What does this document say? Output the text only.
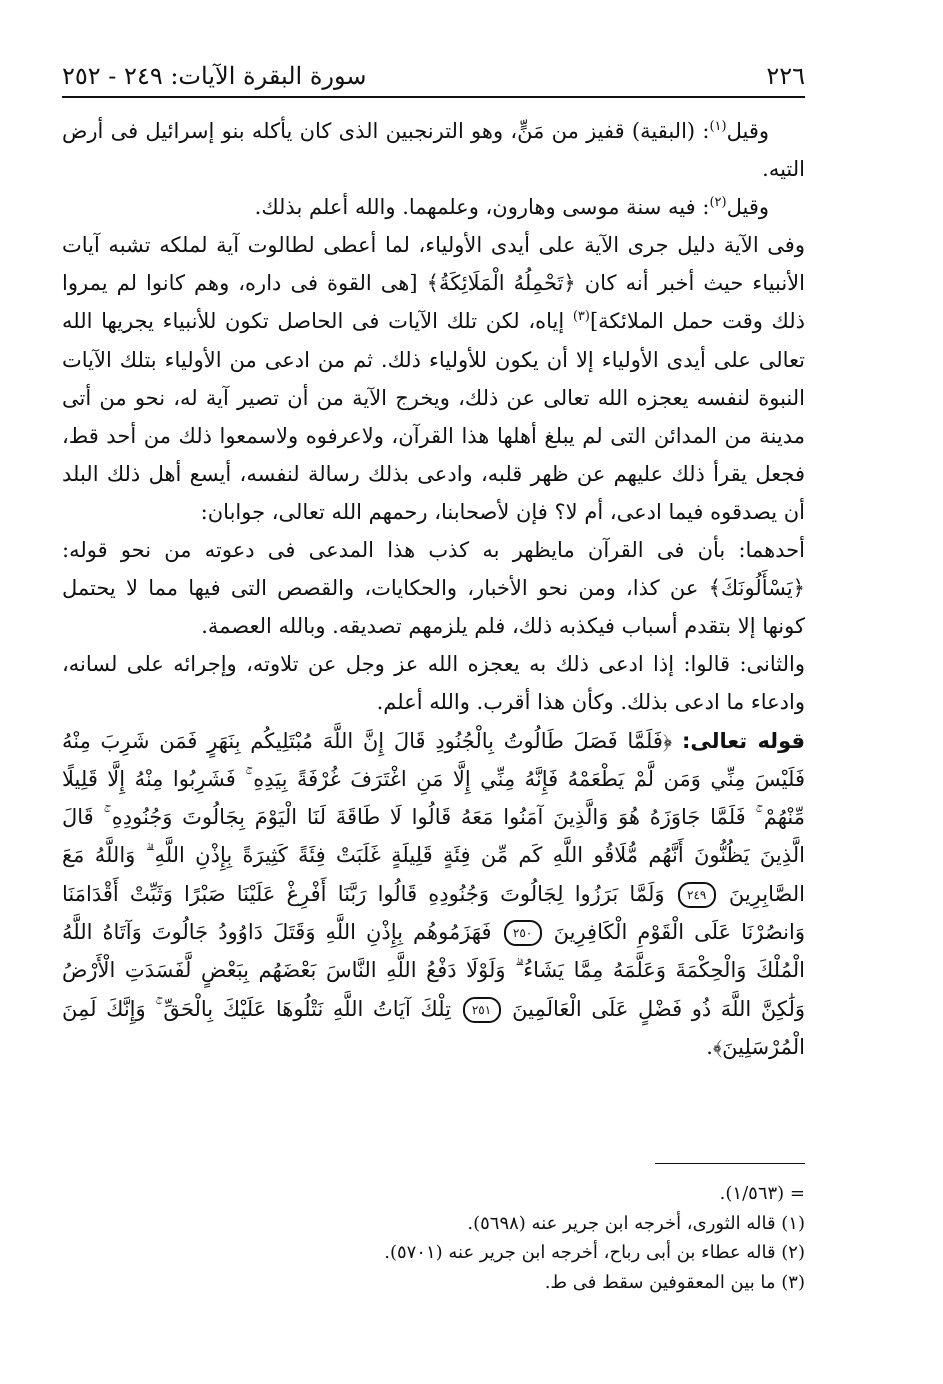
٢٢٦
سورة البقرة الآيات: ٢٤٩ - ٢٥٢

وقيل$^{(١)}$: (البقية) قفيز من مَنٍّ، وهو الترنجبين الذى كان يأكله بنو إسرائيل فى أرض التيه.

وقيل$^{(٢)}$: فيه سنة موسى وهارون، وعلمهما. والله أعلم بذلك.

وفى الآية دليل جرى الآية على أيدى الأولياء، لما أعطى لطالوت آية لملكه تشبه آيات الأنبياء حيث أخبر أنه كان ﴿تَحْمِلُهُ الْمَلَائِكَةُ﴾ [هى القوة فى داره، وهم كانوا لم يمروا ذلك وقت حمل الملائكة]$^{(٣)}$ إياه، لكن تلك الآيات فى الحاصل تكون للأنبياء يجريها الله تعالى على أيدى الأولياء إلا أن يكون للأولياء ذلك. ثم من ادعى من الأولياء بتلك الآيات النبوة لنفسه يعجزه الله تعالى عن ذلك، ويخرج الآية من أن تصير آية له، نحو من أتى مدينة من المدائن التى لم يبلغ أهلها هذا القرآن، ولاعرفوه ولاسمعوا ذلك من أحد قط، فجعل يقرأ ذلك عليهم عن ظهر قلبه، وادعى بذلك رسالة لنفسه، أيسع أهل ذلك البلد أن يصدقوه فيما ادعى، أم لا؟ فإن لأصحابنا، رحمهم الله تعالى، جوابان:

أحدهما: بأن فى القرآن مايظهر به كذب هذا المدعى فى دعوته من نحو قوله: ﴿يَسْأَلُونَكَ﴾ عن كذا، ومن نحو الأخبار، والحكايات، والقصص التى فيها مما لا يحتمل كونها إلا بتقدم أسباب فيكذبه ذلك، فلم يلزمهم تصديقه. وبالله العصمة.

والثانى: قالوا: إذا ادعى ذلك به يعجزه الله عز وجل عن تلاوته، وإجرائه على لسانه، وادعاء ما ادعى بذلك. وكأن هذا أقرب. والله أعلم.

قوله تعالى: ﴿فَلَمَّا فَصَلَ طَالُوتُ بِالْجُنُودِ قَالَ إِنَّ اللَّهَ مُبْتَلِيكُم بِنَهَرٍ فَمَن شَرِبَ مِنْهُ فَلَيْسَ مِنِّي وَمَن لَّمْ يَطْعَمْهُ فَإِنَّهُ مِنِّي إِلَّا مَنِ اغْتَرَفَ غُرْفَةً بِيَدِهِ ۚ فَشَرِبُوا مِنْهُ إِلَّا قَلِيلًا مِّنْهُمْ ۚ فَلَمَّا جَاوَزَهُ هُوَ وَالَّذِينَ آمَنُوا مَعَهُ قَالُوا لَا طَاقَةَ لَنَا الْيَوْمَ بِجَالُوتَ وَجُنُودِهِ ۚ قَالَ الَّذِينَ يَظُنُّونَ أَنَّهُم مُّلَاقُو اللَّهِ كَم مِّن فِئَةٍ قَلِيلَةٍ غَلَبَتْ فِئَةً كَثِيرَةً بِإِذْنِ اللَّهِ ۗ وَاللَّهُ مَعَ الصَّابِرِينَ ٢٤٩ وَلَمَّا بَرَزُوا لِجَالُوتَ وَجُنُودِهِ قَالُوا رَبَّنَا أَفْرِغْ عَلَيْنَا صَبْرًا وَثَبِّتْ أَقْدَامَنَا وَانصُرْنَا عَلَى الْقَوْمِ الْكَافِرِينَ ٢٥٠ فَهَزَمُوهُم بِإِذْنِ اللَّهِ وَقَتَلَ دَاوُودُ جَالُوتَ وَآتَاهُ اللَّهُ الْمُلْكَ وَالْحِكْمَةَ وَعَلَّمَهُ مِمَّا يَشَاءُ ۗ وَلَوْلَا دَفْعُ اللَّهِ النَّاسَ بَعْضَهُم بِبَعْضٍ لَّفَسَدَتِ الْأَرْضُ وَلَٰكِنَّ اللَّهَ ذُو فَضْلٍ عَلَى الْعَالَمِينَ ٢٥١ تِلْكَ آيَاتُ اللَّهِ نَتْلُوهَا عَلَيْكَ بِالْحَقِّ ۚ وَإِنَّكَ لَمِنَ الْمُرْسَلِينَ﴾.

= (١/٥٦٣).

(١) قاله الثورى، أخرجه ابن جرير عنه (٥٦٩٨).

(٢) قاله عطاء بن أبى رباح، أخرجه ابن جرير عنه (٥٧٠١).

(٣) ما بين المعقوفين سقط فى ط.
